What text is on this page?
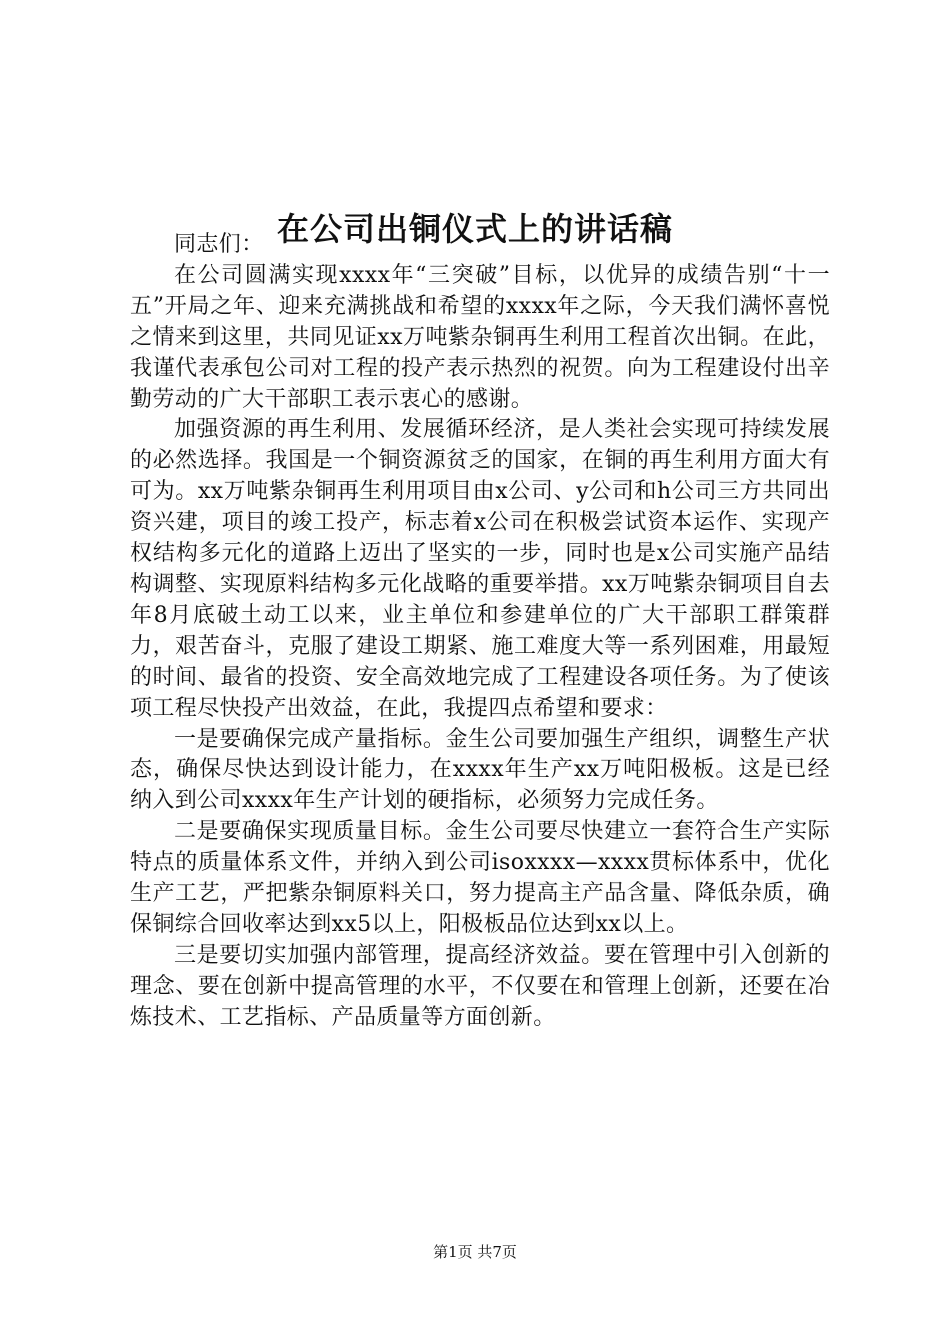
在公司出铜仪式上的讲话稿

同志们：

在公司圆满实现xxxx年“三突破”目标，以优异的成绩告别“十一五”开局之年、迎来充满挑战和希望的xxxx年之际，今天我们满怀喜悦之情来到这里，共同见证xx万吨紫杂铜再生利用工程首次出铜。在此，我谨代表承包公司对工程的投产表示热烈的祝贺。向为工程建设付出辛勤劳动的广大干部职工表示衷心的感谢。

加强资源的再生利用、发展循环经济，是人类社会实现可持续发展的必然选择。我国是一个铜资源贫乏的国家，在铜的再生利用方面大有可为。xx万吨紫杂铜再生利用项目由x公司、y公司和h公司三方共同出资兴建，项目的竣工投产，标志着x公司在积极尝试资本运作、实现产权结构多元化的道路上迈出了坚实的一步，同时也是x公司实施产品结构调整、实现原料结构多元化战略的重要举措。xx万吨紫杂铜项目自去年8月底破土动工以来，业主单位和参建单位的广大干部职工群策群力，艰苦奋斗，克服了建设工期紧、施工难度大等一系列困难，用最短的时间、最省的投资、安全高效地完成了工程建设各项任务。为了使该项工程尽快投产出效益，在此，我提四点希望和要求：

一是要确保完成产量指标。金生公司要加强生产组织，调整生产状态，确保尽快达到设计能力，在xxxx年生产xx万吨阳极板。这是已经纳入到公司xxxx年生产计划的硬指标，必须努力完成任务。

二是要确保实现质量目标。金生公司要尽快建立一套符合生产实际特点的质量体系文件，并纳入到公司isoxxxx—xxxx贯标体系中，优化生产工艺，严把紫杂铜原料关口，努力提高主产品含量、降低杂质，确保铜综合回收率达到xx5以上，阳极板品位达到xx以上。

三是要切实加强内部管理，提高经济效益。要在管理中引入创新的理念、要在创新中提高管理的水平，不仅要在和管理上创新，还要在冶炼技术、工艺指标、产品质量等方面创新。

第1页 共7页
